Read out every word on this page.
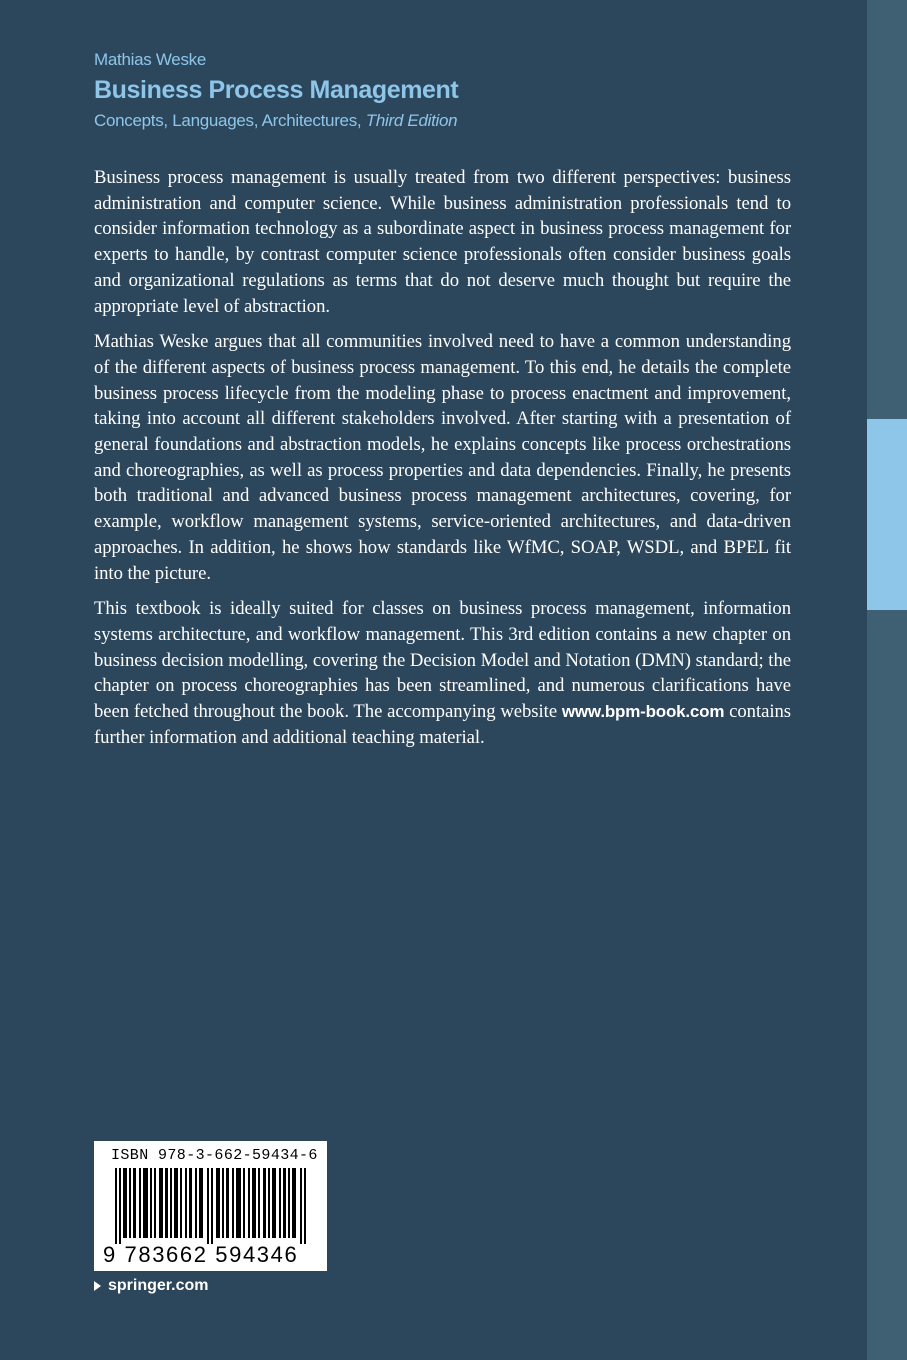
Mathias Weske
Business Process Management
Concepts, Languages, Architectures, Third Edition

Business process management is usually treated from two different perspectives: business administration and computer science. While business administration professionals tend to consider information technology as a subordinate aspect in business process management for experts to handle, by contrast computer science professionals often consider business goals and organizational regulations as terms that do not deserve much thought but require the appropriate level of abstraction.

Mathias Weske argues that all communities involved need to have a common understanding of the different aspects of business process management. To this end, he details the complete business process lifecycle from the modeling phase to process enactment and improvement, taking into account all different stakeholders involved. After starting with a presentation of general foundations and abstraction models, he explains concepts like process orchestrations and choreographies, as well as process properties and data dependencies. Finally, he presents both traditional and advanced business process management architectures, covering, for example, workflow management systems, service-oriented architectures, and data-driven approaches. In addition, he shows how standards like WfMC, SOAP, WSDL, and BPEL fit into the picture.

This textbook is ideally suited for classes on business process management, information systems architecture, and workflow management. This 3rd edition contains a new chapter on business decision modelling, covering the Decision Model and Notation (DMN) standard; the chapter on process choreographies has been streamlined, and numerous clarifications have been fetched throughout the book. The accompanying website www.bpm-book.com contains further information and additional teaching material.

ISBN 978-3-662-59434-6
9 783662 594346
springer.com
